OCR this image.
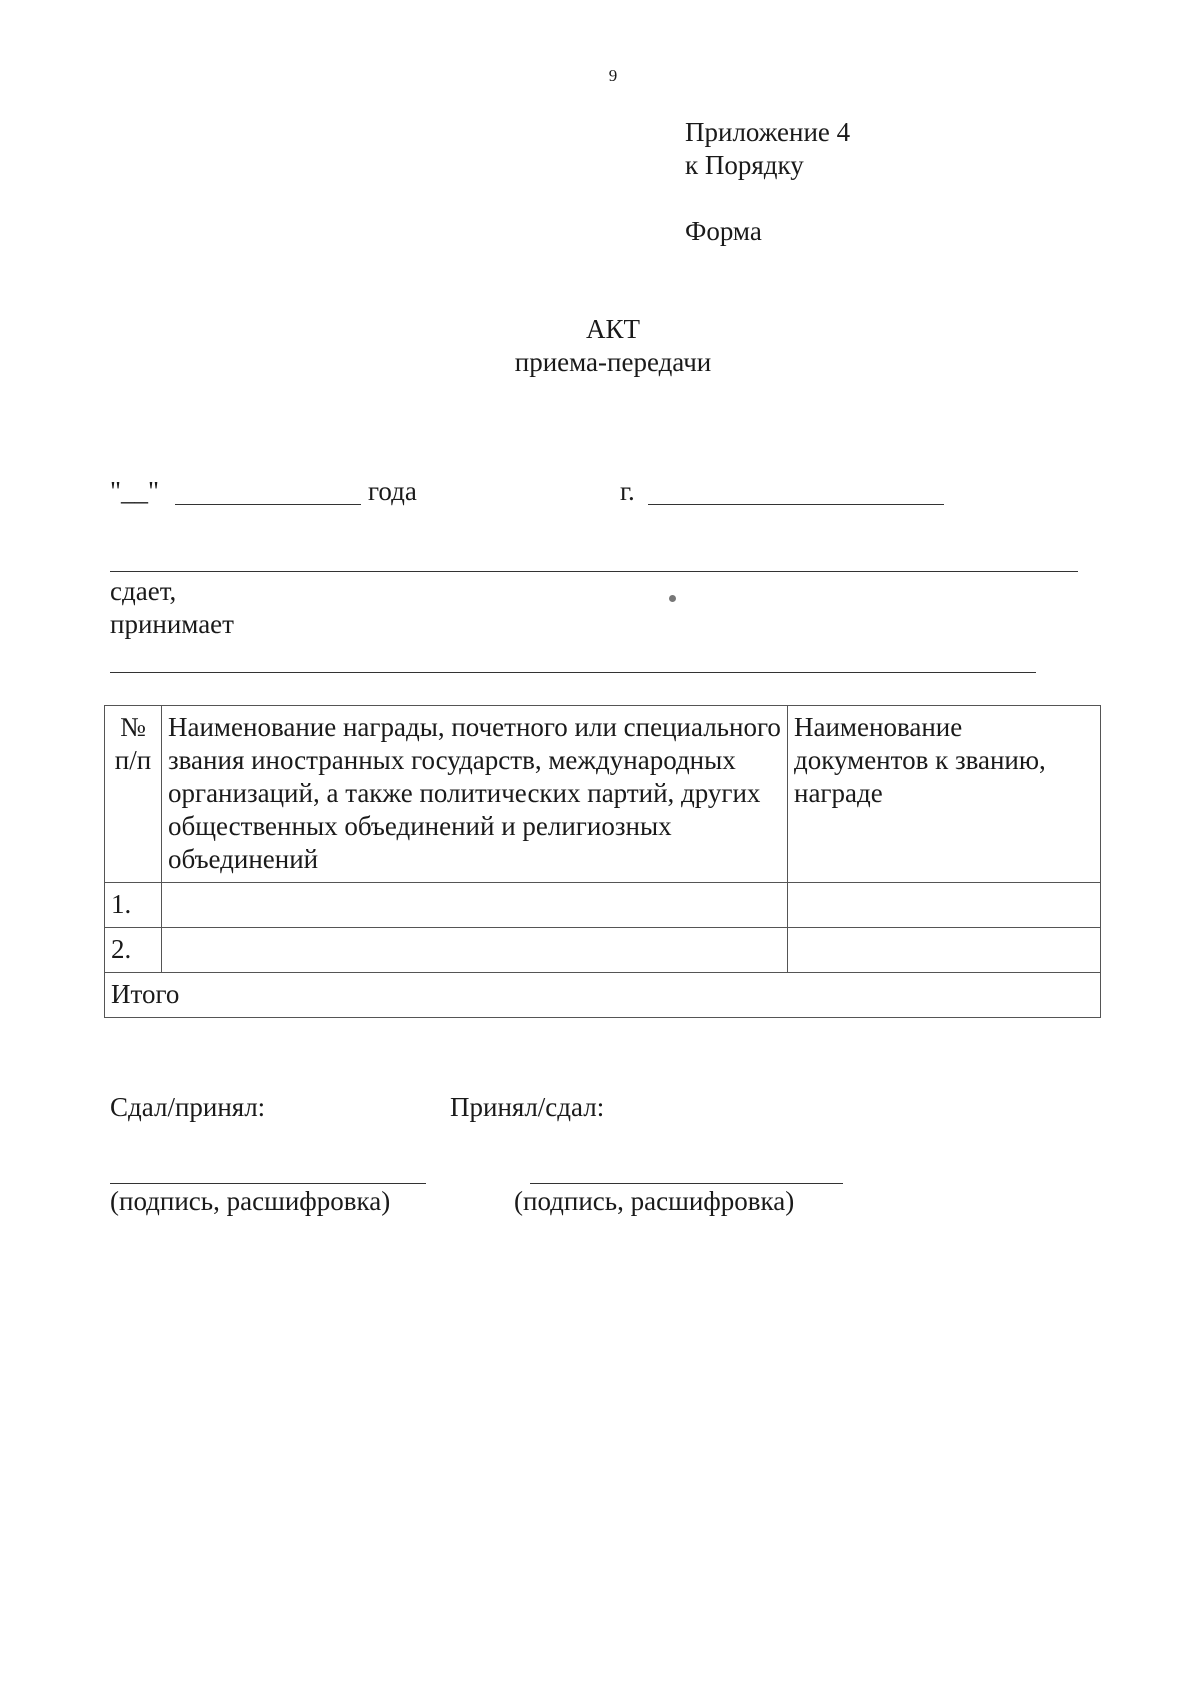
9
Приложение 4
к Порядку
Форма
АКТ
приема-передачи
"__"	года	г.
сдает,
принимает
№ п/п	Наименование награды, почетного или специального звания иностранных государств, международных организаций, а также политических партий, других общественных объединений и религиозных объединений	Наименование документов к званию, награде
1.		
2.		
Итого		
Сдал/принял:	Принял/сдал:
(подпись, расшифровка)	(подпись, расшифровка)
